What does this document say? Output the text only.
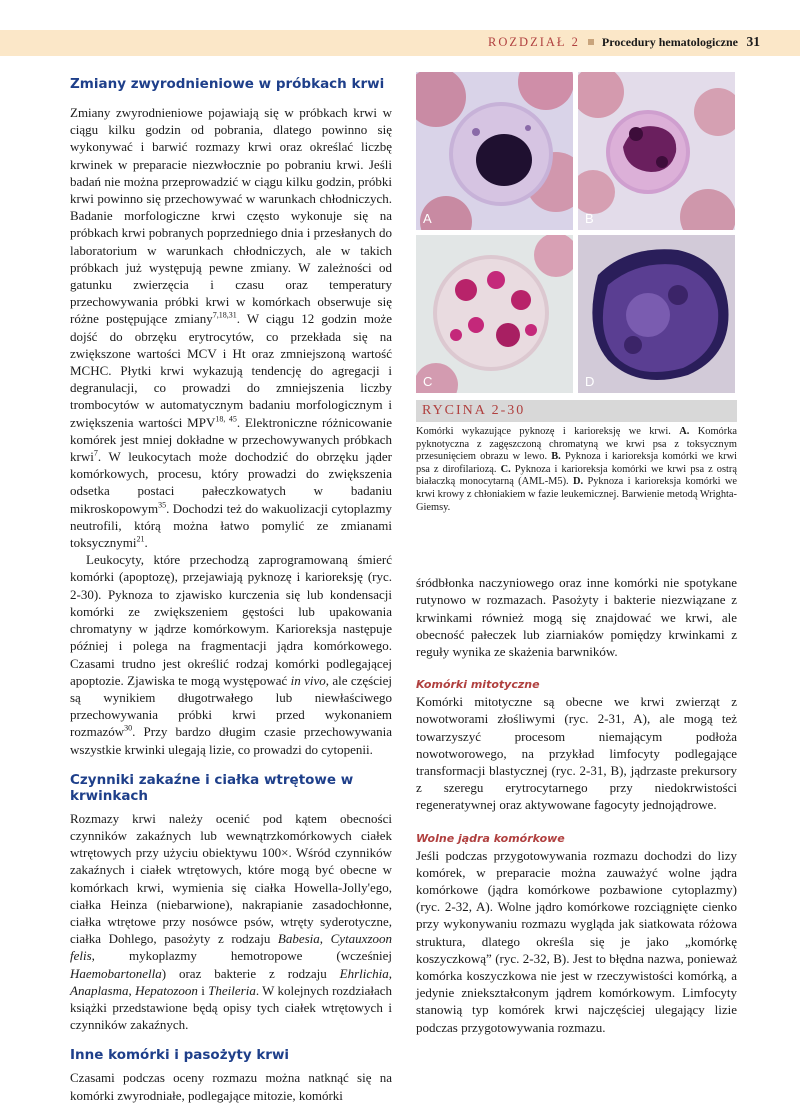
ROZDZIAŁ 2 Procedury hematologiczne 31
Zmiany zwyrodnieniowe w próbkach krwi

Zmiany zwyrodnieniowe pojawiają się w próbkach krwi w ciągu kilku godzin od pobrania, dlatego powinno się wykonywać i barwić rozmazy krwi oraz określać liczbę krwinek w preparacie niezwłocznie po pobraniu krwi. Jeśli badań nie można przeprowadzić w ciągu kilku godzin, próbki krwi powinno się przechowywać w warunkach chłodniczych. Badanie morfologiczne krwi często wykonuje się na próbkach krwi pobranych poprzedniego dnia i przesłanych do laboratorium w warunkach chłodniczych, ale w takich próbkach już występują pewne zmiany. W zależności od gatunku zwierzęcia i czasu oraz temperatury przechowywania próbki krwi w komórkach obserwuje się różne postępujące zmiany$^{7,18,31}$. W ciągu 12 godzin może dojść do obrzęku erytrocytów, co przekłada się na zwiększone wartości MCV i Ht oraz zmniejszoną wartość MCHC. Płytki krwi wykazują tendencję do agregacji i degranulacji, co prowadzi do zmniejszenia liczby trombocytów w automatycznym badaniu morfologicznym i zwiększenia wartości MPV$^{18, 45}$. Elektroniczne różnicowanie komórek jest mniej dokładne w przechowywanych próbkach krwi$^7$. W leukocytach może dochodzić do obrzęku jąder komórkowych, procesu, który prowadzi do zwiększenia odsetka postaci pałeczkowatych w badaniu mikroskopowym$^{35}$. Dochodzi też do wakuolizacji cytoplazmy neutrofili, którą można łatwo pomylić ze zmianami toksycznymi$^{21}$.

Leukocyty, które przechodzą zaprogramowaną śmierć komórki (apoptozę), przejawiają pyknozę i karioreksję (ryc. 2-30). Pyknoza to zjawisko kurczenia się lub kondensacji komórki ze zwiększeniem gęstości lub upakowania chromatyny w jądrze komórkowym. Karioreksja następuje później i polega na fragmentacji jądra komórkowego. Czasami trudno jest określić rodzaj komórki podlegającej apoptozie. Zjawiska te mogą występować in vivo, ale częściej są wynikiem długotrwałego lub niewłaściwego przechowywania próbki krwi przed wykonaniem rozmazów$^{30}$. Przy bardzo długim czasie przechowywania wszystkie krwinki ulegają lizie, co prowadzi do cytopenii.

Czynniki zakaźne i ciałka wtrętowe w krwinkach

Rozmazy krwi należy ocenić pod kątem obecności czynników zakaźnych lub wewnątrzkomórkowych ciałek wtrętowych przy użyciu obiektywu 100×. Wśród czynników zakaźnych i ciałek wtrętowych, które mogą być obecne w komórkach krwi, wymienia się ciałka Howella-Jolly'ego, ciałka Heinza (niebarwione), nakrapianie zasadochłonne, ciałka wtrętowe przy nosówce psów, wtręty syderotyczne, ciałka Dohlego, pasożyty z rodzaju Babesia, Cytauxzoon felis, mykoplazmy hemotropowe (wcześniej Haemobartonella) oraz bakterie z rodzaju Ehrlichia, Anaplasma, Hepatozoon i Theileria. W kolejnych rozdziałach książki przedstawione będą opisy tych ciałek wtrętowych i czynników zakaźnych.

Inne komórki i pasożyty krwi

Czasami podczas oceny rozmazu można natknąć się na komórki zwyrodniałe, podlegające mitozie, komórki

A	B
C	D
RYCINA 2-30

Komórki wykazujące pyknozę i karioreksję we krwi. A. Komórka pyknotyczna z zagęszczoną chromatyną we krwi psa z toksycznym przesunięciem obrazu w lewo. B. Pyknoza i karioreksja komórki we krwi psa z dirofilariozą. C. Pyknoza i karioreksja komórki we krwi psa z ostrą białaczką monocytarną (AML-M5). D. Pyknoza i karioreksja komórki we krwi krowy z chłoniakiem w fazie leukemicznej. Barwienie metodą Wrighta-Giemsy.

śródbłonka naczyniowego oraz inne komórki nie spotykane rutynowo w rozmazach. Pasożyty i bakterie niezwiązane z krwinkami również mogą się znajdować we krwi, ale obecność pałeczek lub ziarniaków pomiędzy krwinkami z reguły wynika ze skażenia barwników.

Komórki mitotyczne

Komórki mitotyczne są obecne we krwi zwierząt z nowotworami złośliwymi (ryc. 2-31, A), ale mogą też towarzyszyć procesom niemającym podłoża nowotworowego, na przykład limfocyty podlegające transformacji blastycznej (ryc. 2-31, B), jądrzaste prekursory z szeregu erytrocytarnego przy niedokrwistości regeneratywnej oraz aktywowane fagocyty jednojądrowe.

Wolne jądra komórkowe

Jeśli podczas przygotowywania rozmazu dochodzi do lizy komórek, w preparacie można zauważyć wolne jądra komórkowe (jądra komórkowe pozbawione cytoplazmy) (ryc. 2-32, A). Wolne jądro komórkowe rozciągnięte cienko przy wykonywaniu rozmazu wygląda jak siatkowata różowa struktura, dlatego określa się je jako „komórkę koszyczkową” (ryc. 2-32, B). Jest to błędna nazwa, ponieważ komórka koszyczkowa nie jest w rzeczywistości komórką, a jedynie zniekształconym jądrem komórkowym. Limfocyty stanowią typ komórek krwi najczęściej ulegający lizie podczas przygotowywania rozmazu.
